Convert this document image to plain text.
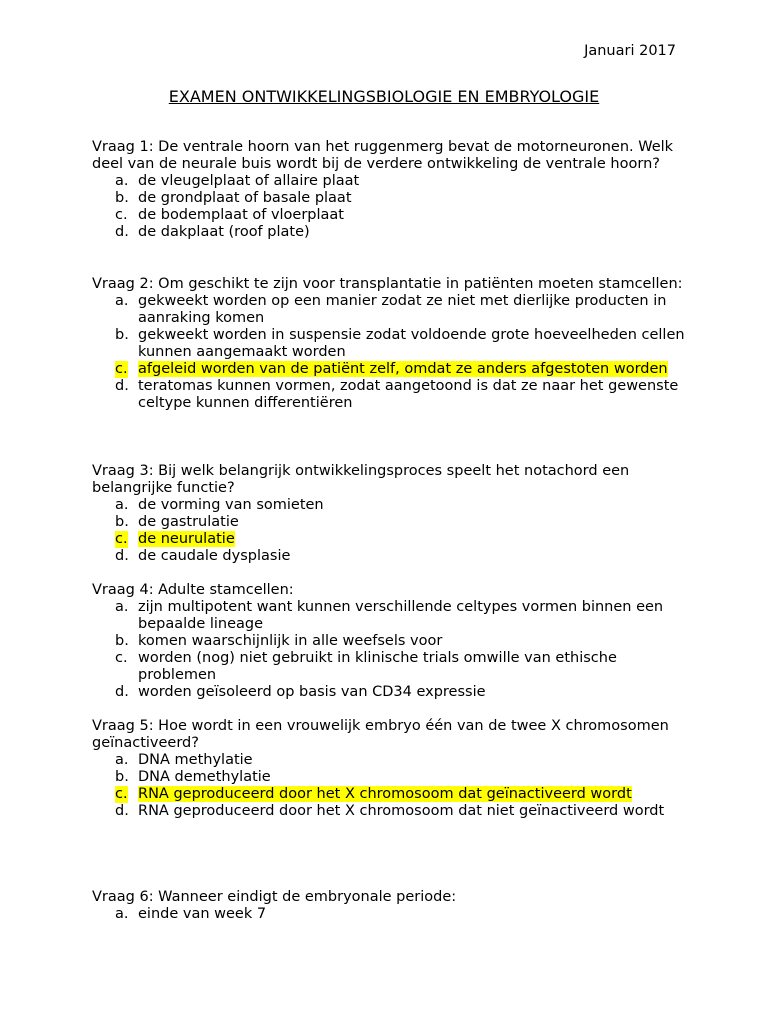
Januari 2017
EXAMEN ONTWIKKELINGSBIOLOGIE EN EMBRYOLOGIE

Vraag 1: De ventrale hoorn van het ruggenmerg bevat de motorneuronen. Welk deel van de neurale buis wordt bij de verdere ontwikkeling de ventrale hoorn?

a. de vleugelplaat of allaire plaat
b. de grondplaat of basale plaat
c. de bodemplaat of vloerplaat
d. de dakplaat (roof plate)

Vraag 2: Om geschikt te zijn voor transplantatie in patiënten moeten stamcellen:

a. gekweekt worden op een manier zodat ze niet met dierlijke producten in aanraking komen
b. gekweekt worden in suspensie zodat voldoende grote hoeveelheden cellen kunnen aangemaakt worden
c. afgeleid worden van de patiënt zelf, omdat ze anders afgestoten worden
d. teratomas kunnen vormen, zodat aangetoond is dat ze naar het gewenste celtype kunnen differentiëren

Vraag 3: Bij welk belangrijk ontwikkelingsproces speelt het notachord een belangrijke functie?

a. de vorming van somieten
b. de gastrulatie
c. de neurulatie
d. de caudale dysplasie

Vraag 4: Adulte stamcellen:

a. zijn multipotent want kunnen verschillende celtypes vormen binnen een bepaalde lineage
b. komen waarschijnlijk in alle weefsels voor
c. worden (nog) niet gebruikt in klinische trials omwille van ethische problemen
d. worden geïsoleerd op basis van CD34 expressie

Vraag 5: Hoe wordt in een vrouwelijk embryo één van de twee X chromosomen geïnactiveerd?

a. DNA methylatie
b. DNA demethylatie
c. RNA geproduceerd door het X chromosoom dat geïnactiveerd wordt
d. RNA geproduceerd door het X chromosoom dat niet geïnactiveerd wordt

Vraag 6: Wanneer eindigt de embryonale periode:

a. einde van week 7
